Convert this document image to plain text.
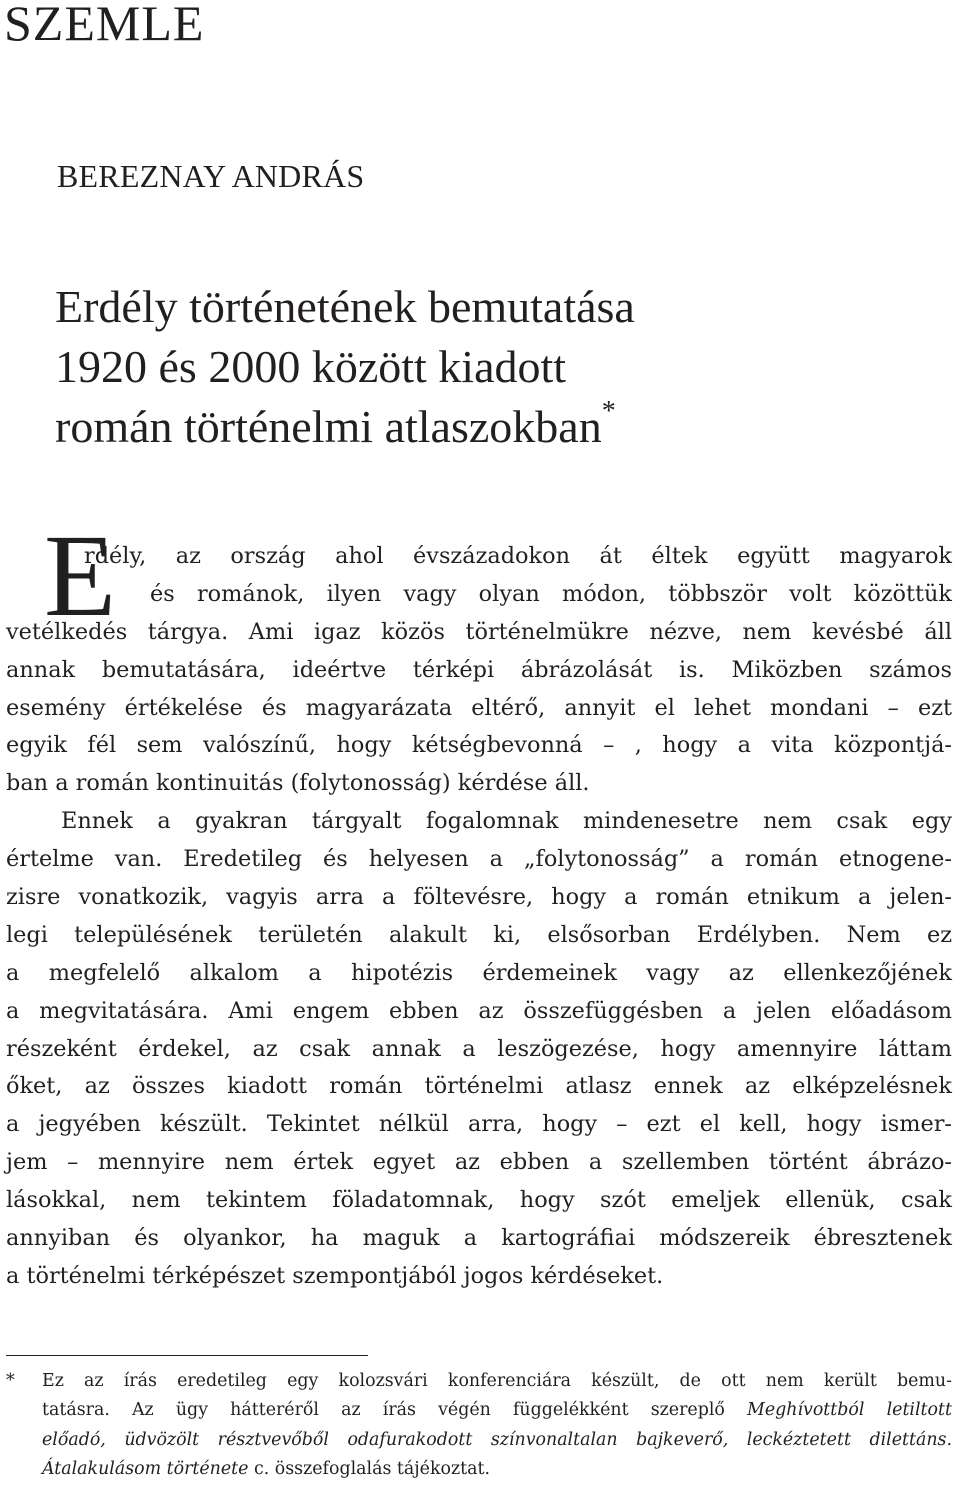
SZEMLE
BEREZNAY ANDRÁS
Erdély történetének bemutatása
1920 és 2000 között kiadott
román történelmi atlaszokban*
E
rdély, az ország ahol évszázadokon át éltek együtt magyarok
és románok, ilyen vagy olyan módon, többször volt közöttük
vetélkedés tárgya. Ami igaz közös történelmükre nézve, nem kevésbé áll
annak bemutatására, ideértve térképi ábrázolását is. Miközben számos
esemény értékelése és magyarázata eltérő, annyit el lehet mondani – ezt
egyik fél sem valószínű, hogy kétségbevonná – , hogy a vita központjá-
ban a román kontinuitás (folytonosság) kérdése áll.
Ennek a gyakran tárgyalt fogalomnak mindenesetre nem csak egy
értelme van. Eredetileg és helyesen a „folytonosság” a román etnogene-
zisre vonatkozik, vagyis arra a föltevésre, hogy a román etnikum a jelen-
legi településének területén alakult ki, elsősorban Erdélyben. Nem ez
a megfelelő alkalom a hipotézis érdemeinek vagy az ellenkezőjének
a megvitatására. Ami engem ebben az összefüggésben a jelen előadásom
részeként érdekel, az csak annak a leszögezése, hogy amennyire láttam
őket, az összes kiadott román történelmi atlasz ennek az elképzelésnek
a jegyében készült. Tekintet nélkül arra, hogy – ezt el kell, hogy ismer-
jem – mennyire nem értek egyet az ebben a szellemben történt ábrázo-
lásokkal, nem tekintem föladatomnak, hogy szót emeljek ellenük, csak
annyiban és olyankor, ha maguk a kartográfiai módszereik ébresztenek
a történelmi térképészet szempontjából jogos kérdéseket.
* Ez az írás eredetileg egy kolozsvári konferenciára készült, de ott nem került bemu-
tatásra. Az ügy hátteréről az írás végén függelékként szereplő Meghívottból letiltott
előadó, üdvözölt résztvevőből odafurakodott színvonaltalan bajkeverő, leckéztetett dilettáns.
Átalakulásom története c. összefoglalás tájékoztat.
